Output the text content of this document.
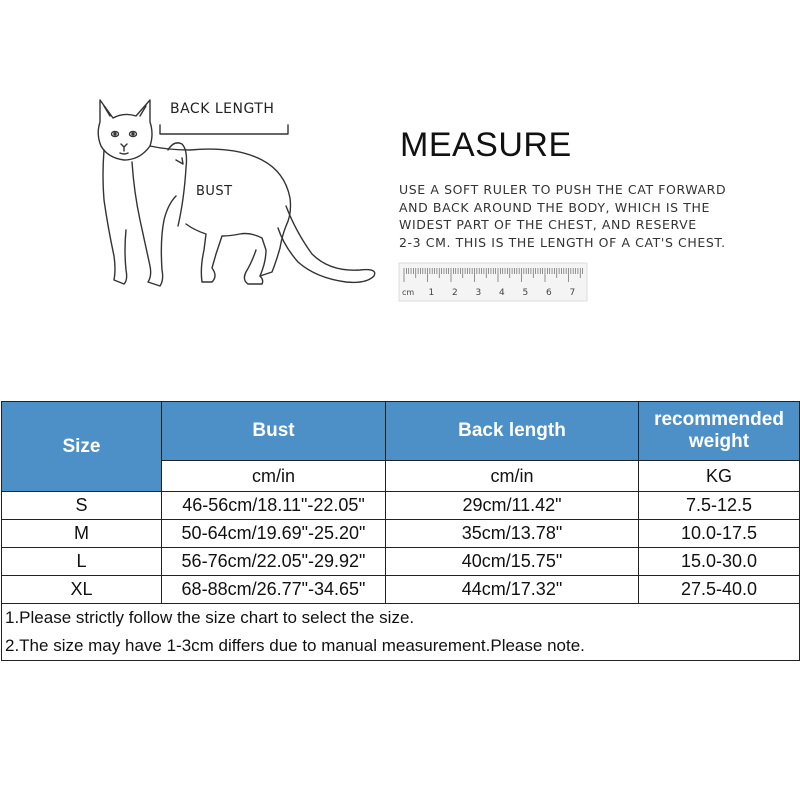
BACK LENGTH
BUST
MEASURE
USE A SOFT RULER TO PUSH THE CAT FORWARD
AND BACK AROUND THE BODY, WHICH IS THE
WIDEST PART OF THE CHEST, AND RESERVE
2-3 CM. THIS IS THE LENGTH OF A CAT'S CHEST.
cm 1 2 3 4 5 6 7
Size	Bust	Back length	recommended
weight

	cm/in	cm/in	KG
S	46-56cm/18.11"-22.05"	29cm/11.42"	7.5-12.5
M	50-64cm/19.69"-25.20"	35cm/13.78"	10.0-17.5
L	56-76cm/22.05"-29.92"	40cm/15.75"	15.0-30.0
XL	68-88cm/26.77"-34.65"	44cm/17.32"	27.5-40.0
1.Please strictly follow the size chart to select the size.			
2.The size may have 1-3cm differs due to manual measurement.Please note.			
